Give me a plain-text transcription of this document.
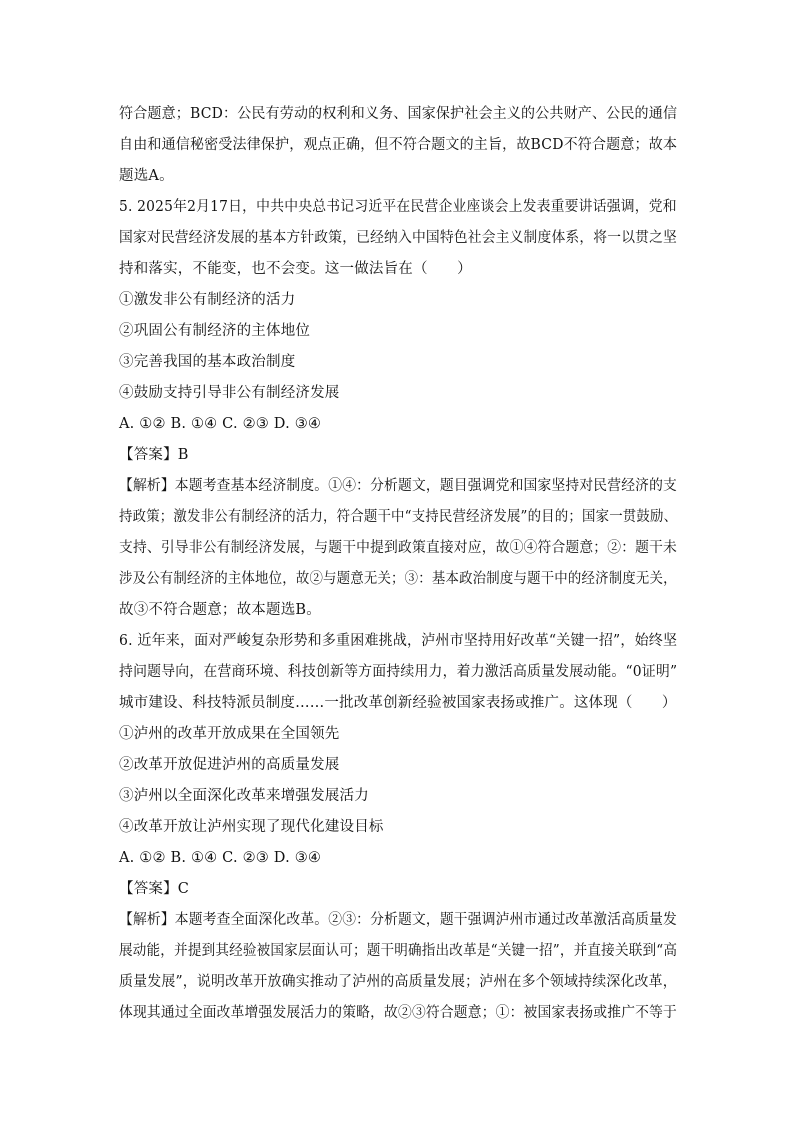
符合题意；BCD：公民有劳动的权利和义务、国家保护社会主义的公共财产、公民的通信
自由和通信秘密受法律保护，观点正确，但不符合题文的主旨，故BCD不符合题意；故本
题选A。
5. 2025年2月17日，中共中央总书记习近平在民营企业座谈会上发表重要讲话强调，党和
国家对民营经济发展的基本方针政策，已经纳入中国特色社会主义制度体系，将一以贯之坚
持和落实，不能变，也不会变。这一做法旨在（　　）
①激发非公有制经济的活力
②巩固公有制经济的主体地位
③完善我国的基本政治制度
④鼓励支持引导非公有制经济发展
A. ①② B. ①④ C. ②③ D. ③④
【答案】B
【解析】本题考查基本经济制度。①④：分析题文，题目强调党和国家坚持对民营经济的支
持政策；激发非公有制经济的活力，符合题干中“支持民营经济发展”的目的；国家一贯鼓励、
支持、引导非公有制经济发展，与题干中提到政策直接对应，故①④符合题意；②：题干未
涉及公有制经济的主体地位，故②与题意无关；③：基本政治制度与题干中的经济制度无关，
故③不符合题意；故本题选B。
6. 近年来，面对严峻复杂形势和多重困难挑战，泸州市坚持用好改革“关键一招”，始终坚
持问题导向，在营商环境、科技创新等方面持续用力，着力激活高质量发展动能。“0证明”
城市建设、科技特派员制度……一批改革创新经验被国家表扬或推广。这体现（　　）
①泸州的改革开放成果在全国领先
②改革开放促进泸州的高质量发展
③泸州以全面深化改革来增强发展活力
④改革开放让泸州实现了现代化建设目标
A. ①② B. ①④ C. ②③ D. ③④
【答案】C
【解析】本题考查全面深化改革。②③：分析题文，题干强调泸州市通过改革激活高质量发
展动能，并提到其经验被国家层面认可；题干明确指出改革是“关键一招”，并直接关联到“高
质量发展”，说明改革开放确实推动了泸州的高质量发展；泸州在多个领域持续深化改革，
体现其通过全面改革增强发展活力的策略，故②③符合题意；①：被国家表扬或推广不等于
